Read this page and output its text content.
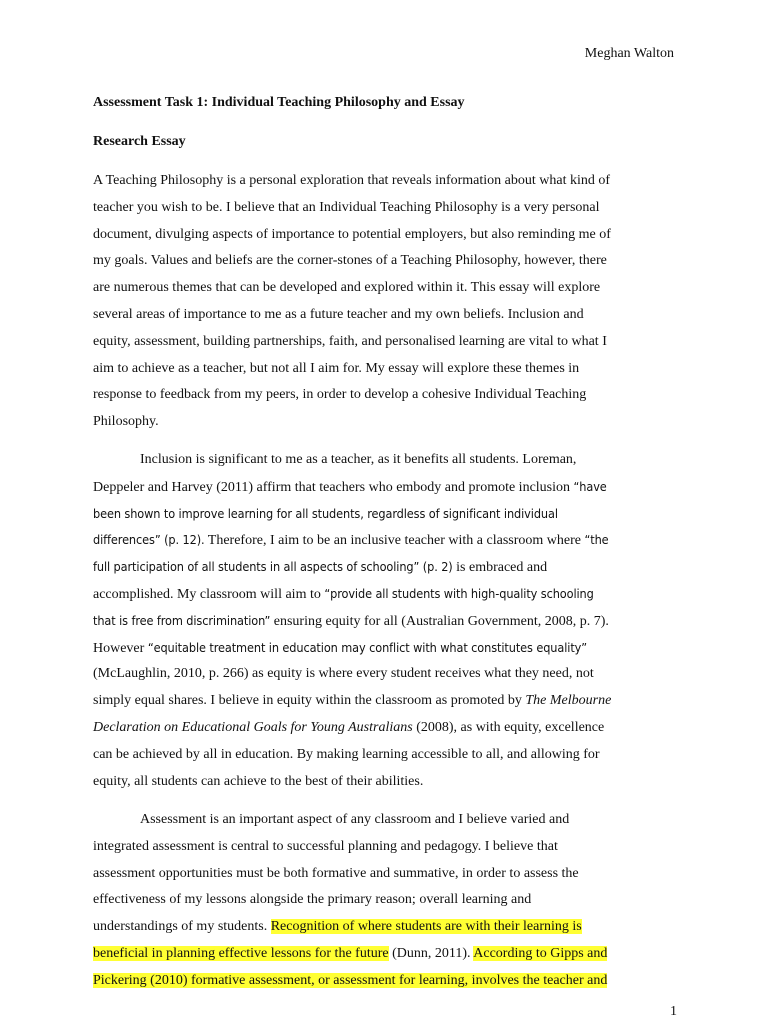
Meghan Walton
Assessment Task 1: Individual Teaching Philosophy and Essay
Research Essay
A Teaching Philosophy is a personal exploration that reveals information about what kind of
teacher you wish to be. I believe that an Individual Teaching Philosophy is a very personal
document, divulging aspects of importance to potential employers, but also reminding me of
my goals. Values and beliefs are the corner-stones of a Teaching Philosophy, however, there
are numerous themes that can be developed and explored within it. This essay will explore
several areas of importance to me as a future teacher and my own beliefs. Inclusion and
equity, assessment, building partnerships, faith, and personalised learning are vital to what I
aim to achieve as a teacher, but not all I aim for. My essay will explore these themes in
response to feedback from my peers, in order to develop a cohesive Individual Teaching
Philosophy.
Inclusion is significant to me as a teacher, as it benefits all students. Loreman,
Deppeler and Harvey (2011) affirm that teachers who embody and promote inclusion “have
been shown to improve learning for all students, regardless of significant individual
differences” (p. 12). Therefore, I aim to be an inclusive teacher with a classroom where “the
full participation of all students in all aspects of schooling” (p. 2) is embraced and
accomplished. My classroom will aim to “provide all students with high-quality schooling
that is free from discrimination” ensuring equity for all (Australian Government, 2008, p. 7).
However “equitable treatment in education may conflict with what constitutes equality”
(McLaughlin, 2010, p. 266) as equity is where every student receives what they need, not
simply equal shares. I believe in equity within the classroom as promoted by The Melbourne
Declaration on Educational Goals for Young Australians (2008), as with equity, excellence
can be achieved by all in education. By making learning accessible to all, and allowing for
equity, all students can achieve to the best of their abilities.
Assessment is an important aspect of any classroom and I believe varied and
integrated assessment is central to successful planning and pedagogy. I believe that
assessment opportunities must be both formative and summative, in order to assess the
effectiveness of my lessons alongside the primary reason; overall learning and
understandings of my students. Recognition of where students are with their learning is
beneficial in planning effective lessons for the future (Dunn, 2011). According to Gipps and
Pickering (2010) formative assessment, or assessment for learning, involves the teacher and
1
